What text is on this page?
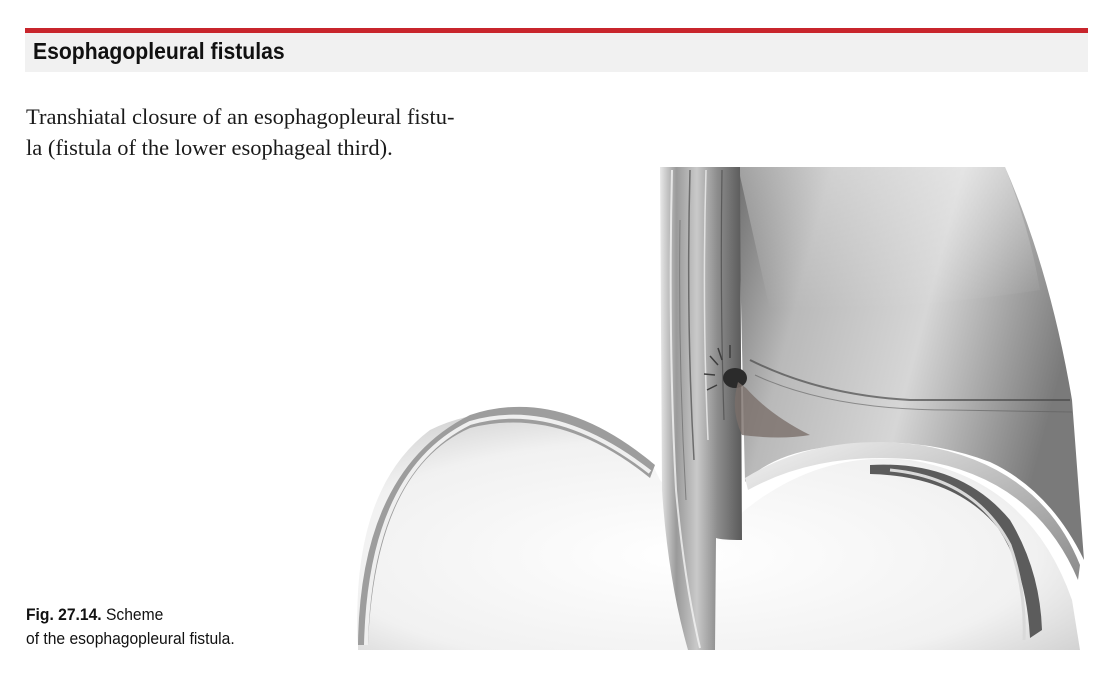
Esophagopleural fistulas

Transhiatal closure of an esophagopleural fistu-
la (fistula of the lower esophageal third).

Fig. 27.14. Scheme
of the esophagopleural fistula.
